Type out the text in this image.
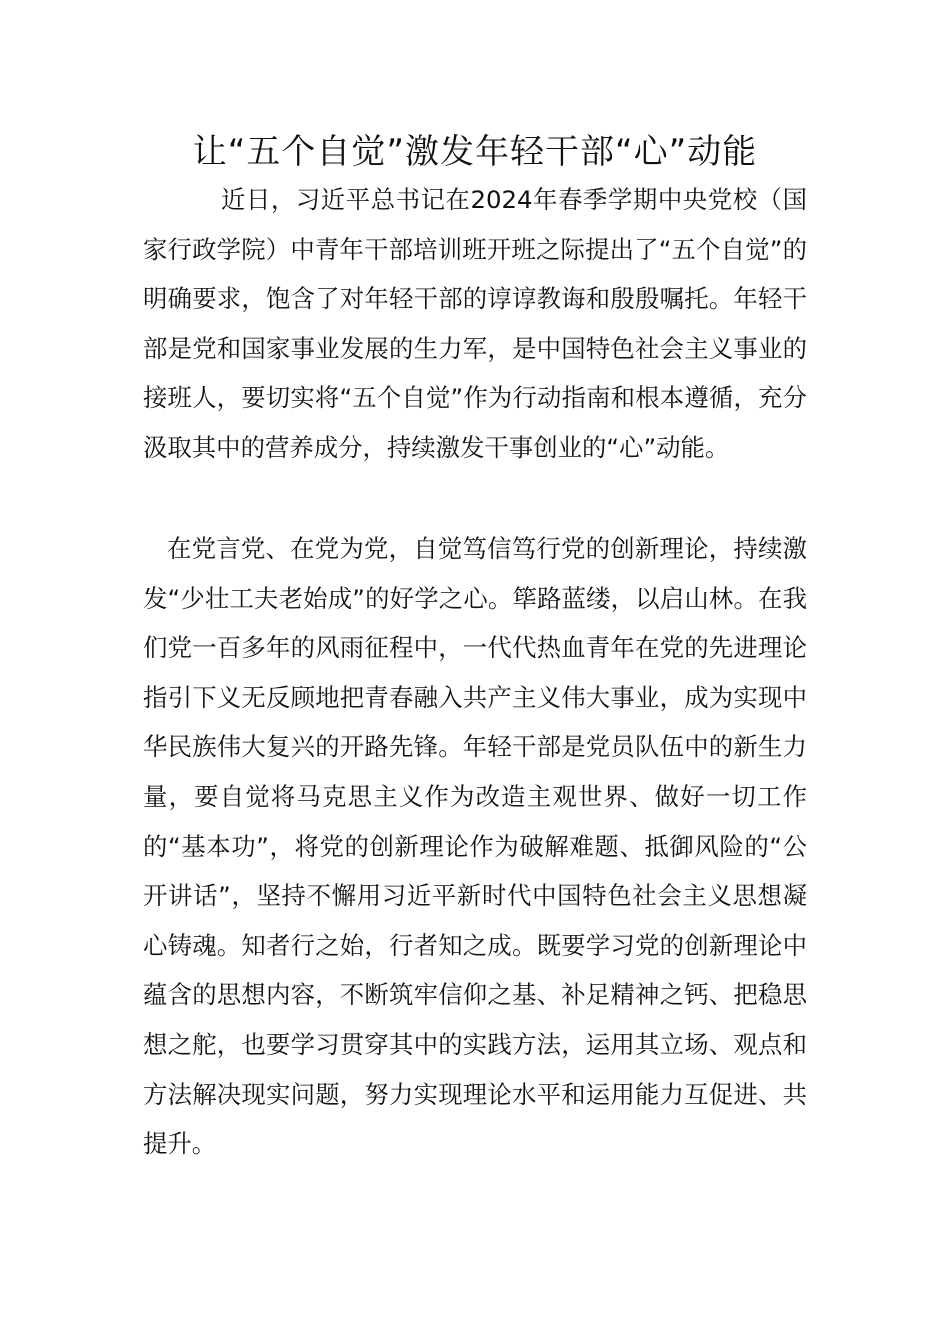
让“五个自觉”激发年轻干部“心”动能

近日，习近平总书记在2024年春季学期中央党校（国家行政学院）中青年干部培训班开班之际提出了“五个自觉”的明确要求，饱含了对年轻干部的谆谆教诲和殷殷嘱托。年轻干部是党和国家事业发展的生力军，是中国特色社会主义事业的接班人，要切实将“五个自觉”作为行动指南和根本遵循，充分汲取其中的营养成分，持续激发干事创业的“心”动能。

在党言党、在党为党，自觉笃信笃行党的创新理论，持续激发“少壮工夫老始成”的好学之心。筚路蓝缕，以启山林。在我们党一百多年的风雨征程中，一代代热血青年在党的先进理论指引下义无反顾地把青春融入共产主义伟大事业，成为实现中华民族伟大复兴的开路先锋。年轻干部是党员队伍中的新生力量，要自觉将马克思主义作为改造主观世界、做好一切工作的“基本功”，将党的创新理论作为破解难题、抵御风险的“公开讲话”，坚持不懈用习近平新时代中国特色社会主义思想凝心铸魂。知者行之始，行者知之成。既要学习党的创新理论中蕴含的思想内容，不断筑牢信仰之基、补足精神之钙、把稳思想之舵，也要学习贯穿其中的实践方法，运用其立场、观点和方法解决现实问题，努力实现理论水平和运用能力互促进、共提升。
